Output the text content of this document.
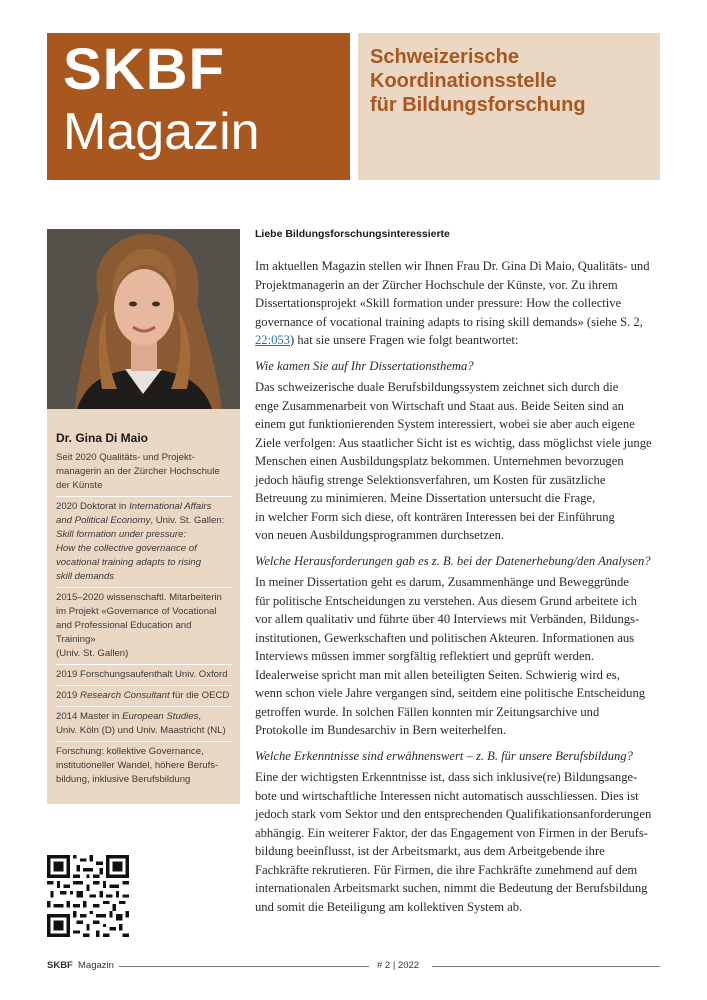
SKBF
Magazin
Schweizerische
Koordinationsstelle
für Bildungsforschung
Dr. Gina Di Maio
Seit 2020 Qualitäts- und Projekt-
managerin an der Zürcher Hochschule
der Künste
2020 Doktorat in International Affairs
and Political Economy, Univ. St. Gallen:
Skill formation under pressure:
How the collective governance of
vocational training adapts to rising
skill demands
2015–2020 wissenschaftl. Mitarbeiterin
im Projekt «Governance of Vocational
and Professional Education and Training»
(Univ. St. Gallen)
2019 Forschungsaufenthalt Univ. Oxford
2019 Research Consultant für die OECD
2014 Master in European Studies,
Univ. Köln (D) und Univ. Maastricht (NL)
Forschung: kollektive Governance,
institutioneller Wandel, höhere Berufs-
bildung, inklusive Berufsbildung
Liebe Bildungsforschungsinteressierte

Im aktuellen Magazin stellen wir Ihnen Frau Dr. Gina Di Maio, Qualitäts- und
Projektmanagerin an der Zürcher Hochschule der Künste, vor. Zu ihrem
Dissertationsprojekt «Skill formation under pressure: How the collective
governance of vocational training adapts to rising skill demands» (siehe S. 2,
22:053) hat sie unsere Fragen wie folgt beantwortet:

Wie kamen Sie auf Ihr Dissertationsthema?

Das schweizerische duale Berufsbildungssystem zeichnet sich durch die
enge Zusammenarbeit von Wirtschaft und Staat aus. Beide Seiten sind an
einem gut funktionierenden System interessiert, wobei sie aber auch eigene
Ziele verfolgen: Aus staatlicher Sicht ist es wichtig, dass möglichst viele junge
Menschen einen Ausbildungsplatz bekommen. Unternehmen bevorzugen
jedoch häufig strenge Selektionsverfahren, um Kosten für zusätzliche
Betreuung zu minimieren. Meine Dissertation untersucht die Frage,
in welcher Form sich diese, oft konträren Interessen bei der Einführung
von neuen Ausbildungsprogrammen durchsetzen.

Welche Herausforderungen gab es z. B. bei der Datenerhebung/den Analysen?

In meiner Dissertation geht es darum, Zusammenhänge und Beweggründe
für politische Entscheidungen zu verstehen. Aus diesem Grund arbeitete ich
vor allem qualitativ und führte über 40 Interviews mit Verbänden, Bildungs-
institutionen, Gewerkschaften und politischen Akteuren. Informationen aus
Interviews müssen immer sorgfältig reflektiert und geprüft werden.
Idealerweise spricht man mit allen beteiligten Seiten. Schwierig wird es,
wenn schon viele Jahre vergangen sind, seitdem eine politische Entscheidung
getroffen wurde. In solchen Fällen konnten mir Zeitungsarchive und
Protokolle im Bundesarchiv in Bern weiterhelfen.

Welche Erkenntnisse sind erwähnenswert – z. B. für unsere Berufsbildung?

Eine der wichtigsten Erkenntnisse ist, dass sich inklusive(re) Bildungsange-
bote und wirtschaftliche Interessen nicht automatisch ausschliessen. Dies ist
jedoch stark vom Sektor und den entsprechenden Qualifikationsanforderungen
abhängig. Ein weiterer Faktor, der das Engagement von Firmen in der Berufs-
bildung beeinflusst, ist der Arbeitsmarkt, aus dem Arbeitgebende ihre
Fachkräfte rekrutieren. Für Firmen, die ihre Fachkräfte zunehmend auf dem
internationalen Arbeitsmarkt suchen, nimmt die Bedeutung der Berufsbildung
und somit die Beteiligung am kollektiven System ab.

SKBF Magazin	# 2 | 2022
